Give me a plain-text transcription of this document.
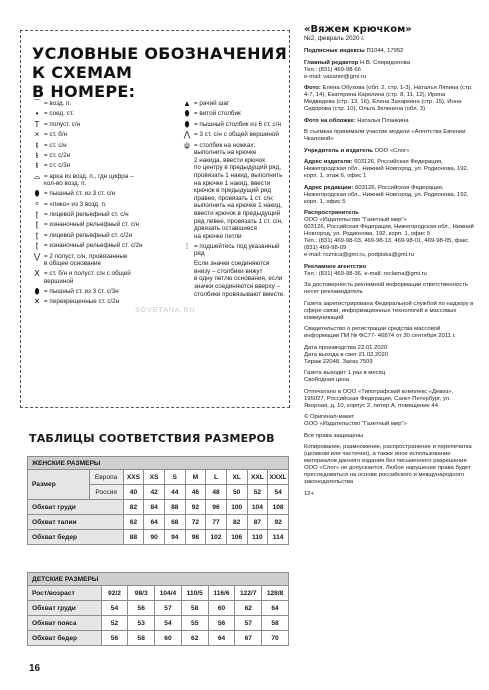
УСЛОВНЫЕ ОБОЗНАЧЕНИЯ К СХЕМАМ
В НОМЕРЕ:
⌒ = возд. п.
• = соед. ст.
T = полуст. с/н
× = ст. б/н
ŧ = ст. с/н
ŧ = ст. с/2н
ŧ = ст. с/3н
⌓ = арка из возд. п., где цифра –
кол-во возд. п.
⬮ = пышный ст. из 3 ст. с/н
ᵒ = «пико» из 3 возд. п.
ʈ = лицевой рельефный ст. с/н
ʈ = изнаночный рельефный ст. с/н
ʈ = лицевой рельефный ст. с/2н
ʈ = изнаночный рельефный ст. с/2н
⋁ = 2 полуст. с/н, провязанные
в общее основание
Ⅹ = ст. б/н и полуст. с/н с общей
вершиной
⬮ = пышный ст. из 3 ст. с/3н
✕ = перекрещенные ст. с/2н
▲ = рачий шаг
⬮ = витой столбик
⬮ = пышный столбик из 6 ст. с/н
⋀ = 3 ст. с/н с общей вершиной
ψ = столбик на ножках:
выполнить на крючке
2 накида, ввести крючок
по центру в предыдущий ряд,
провязать 1 накид, выполнить
на крючке 1 накид, ввести
крючок в предыдущий ряд
правее, провязать 1 ст. с/н;
выполнить на крючке 1 накид,
ввести крючок в предыдущий
ряд левее, провязать 1 ст. с/н,
довязать оставшиеся
на крючке петли
⁞ = подшейтесь под указанный
ряд
Если значки соединяются
внизу – столбики вяжут
в одну петлю основания, если
значки соединяются вверху –
столбики провязывают вместе.
SOVETANA.RU
«Вяжем крючком»
№2, февраль 2020 г.
Подписные индексы П1044, 17952
Главный редактор Н.В. Спиридонова
Тел.: (831) 469-98-66
e-mail: vazanie@gmi.ru
Фото: Елена Обухова (обл. 2, стр. 1-3), Наталья Ляпина (стр. 4-7, 14), Екатерина Карелина (стр. 8, 11, 12), Ирина Медведева (стр. 13, 16), Елена Захаркина (стр. 15), Инна Сидорова (стр. 10), Ольга Зеленина (обл. 3)
Фото на обложке: Наталья Планкина
В съемках принимали участие модели «Агентства Евгении Чкаловой»
Учредитель и издатель ООО «Слог»
Адрес издателя: 603126, Российская Федерация, Нижегородская обл., Нижний Новгород, ул. Родионова, 192, корп. 1, этаж 6, офис 1
Адрес редакции: 603126, Российская Федерация, Нижегородская обл., Нижний Новгород, ул. Родионова, 192, корп. 1, офис 5
Распространитель
ООО «Издательство "Газетный мир"»
603126, Российская Федерация, Нижегородская обл., Нижний Новгород, ул. Родионова, 192, корп. 1, офис 5
Тел.: (831) 469-98-03, 469-98-13, 469-98-01, 469-98-05, факс (831) 469-98-09
e-mail: roznica@gmi.ru, podpiska@gmi.ru
Рекламное агентство
Тел.: (831) 469-98-36, e-mail: reclama@gmi.ru
За достоверность рекламной информации ответственность несет рекламодатель
Газета зарегистрирована Федеральной службой по надзору в сфере связи, информационных технологий и массовых коммуникаций
Свидетельство о регистрации средства массовой информации ПИ № ФС77- 46874 от 30 сентября 2011 г.
Дата производства 22.01.2020
Дата выхода в свет 21.02.2020
Тираж 22048. Заказ 7509
Газета выходит 1 раз в месяц
Свободная цена
Отпечатано в ООО «Типографский комплекс «Девиз», 195027, Российская Федерация, Санкт-Петербург, ул. Якорная, д. 10, корпус 2, литер А, помещение 44
© Оригинал-макет
ООО «Издательство "Газетный мир"»
Все права защищены
Копирование, размножение, распространение и перепечатка (целиком или частично), а также иное использование материалов данного издания без письменного разрешения ООО «Слог» не допускается. Любое нарушение права будет преследоваться на основе российского и международного законодательства
12+
ТАБЛИЦЫ СООТВЕТСТВИЯ РАЗМЕРОВ
ЖЕНСКИЕ РАЗМЕРЫ									
Размер	Европа	XXS	XS	S	M	L	XL	XXL	XXXL
	Россия	40	42	44	46	48	50	52	54
Обхват груди		82	84	88	92	96	100	104	108
Обхват талии		62	64	68	72	77	82	87	92
Обхват бедер		88	90	94	98	102	106	110	114
ДЕТСКИЕ РАЗМЕРЫ							
Рост/возраст	92/2	98/3	104/4	110/5	116/6	122/7	128/8
Обхват груди	54	56	57	58	60	62	64
Обхват пояса	52	53	54	55	56	57	58
Обхват бедер	56	58	60	62	64	67	70
16
